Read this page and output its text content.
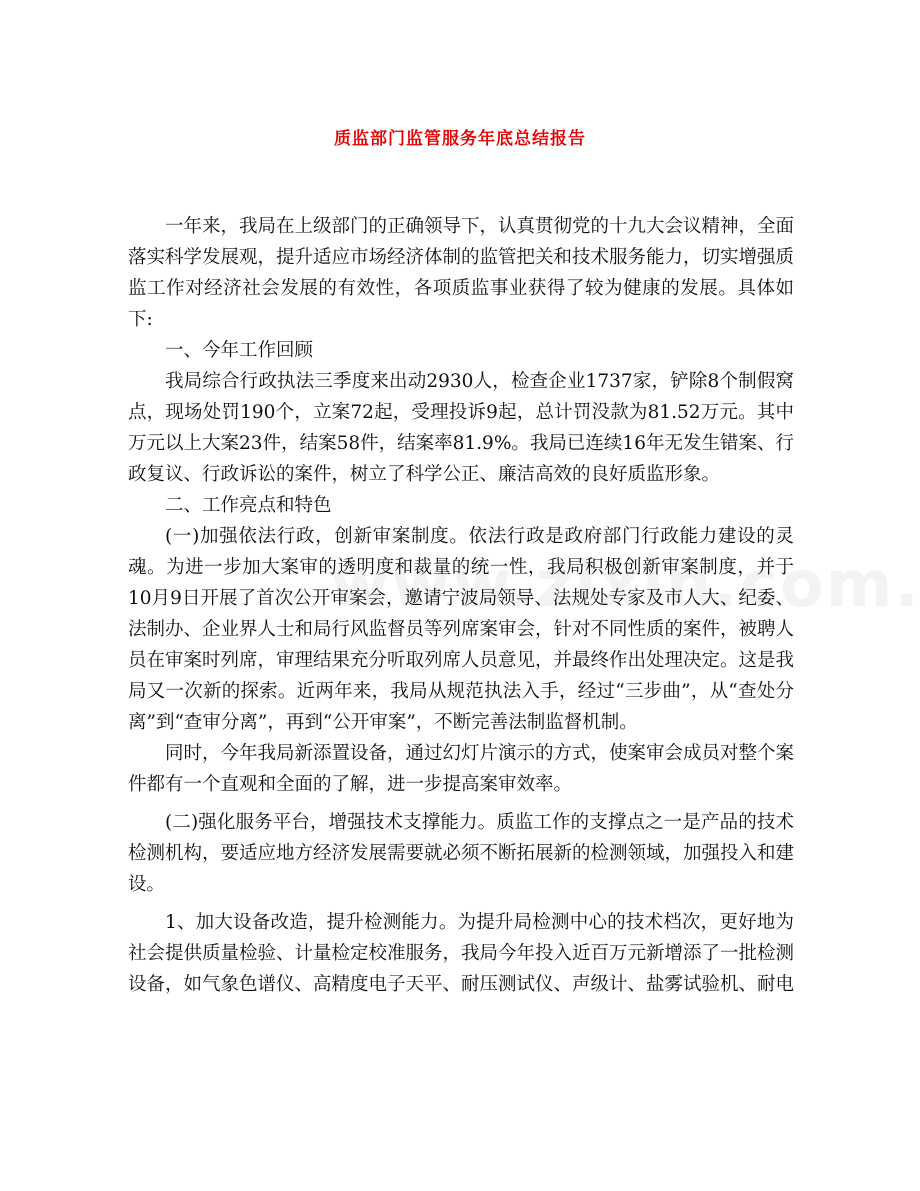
质监部门监管服务年底总结报告

一年来，我局在上级部门的正确领导下，认真贯彻党的十九大会议精神，全面落实科学发展观，提升适应市场经济体制的监管把关和技术服务能力，切实增强质监工作对经济社会发展的有效性，各项质监事业获得了较为健康的发展。具体如下:

一、今年工作回顾

我局综合行政执法三季度来出动2930人，检查企业1737家，铲除8个制假窝点，现场处罚190个，立案72起，受理投诉9起，总计罚没款为81.52万元。其中万元以上大案23件，结案58件，结案率81.9%。我局已连续16年无发生错案、行政复议、行政诉讼的案件，树立了科学公正、廉洁高效的良好质监形象。

二、工作亮点和特色

(一)加强依法行政，创新审案制度。依法行政是政府部门行政能力建设的灵魂。为进一步加大案审的透明度和裁量的统一性，我局积极创新审案制度，并于10月9日开展了首次公开审案会，邀请宁波局领导、法规处专家及市人大、纪委、法制办、企业界人士和局行风监督员等列席案审会，针对不同性质的案件，被聘人员在审案时列席，审理结果充分听取列席人员意见，并最终作出处理决定。这是我局又一次新的探索。近两年来，我局从规范执法入手，经过“三步曲”，从“查处分离”到“查审分离”，再到“公开审案”，不断完善法制监督机制。

同时，今年我局新添置设备，通过幻灯片演示的方式，使案审会成员对整个案件都有一个直观和全面的了解，进一步提高案审效率。

(二)强化服务平台，增强技术支撑能力。质监工作的支撑点之一是产品的技术检测机构，要适应地方经济发展需要就必须不断拓展新的检测领域，加强投入和建设。

1、加大设备改造，提升检测能力。为提升局检测中心的技术档次，更好地为社会提供质量检验、计量检定校准服务，我局今年投入近百万元新增添了一批检测设备，如气象色谱仪、高精度电子天平、耐压测试仪、声级计、盐雾试验机、耐电
